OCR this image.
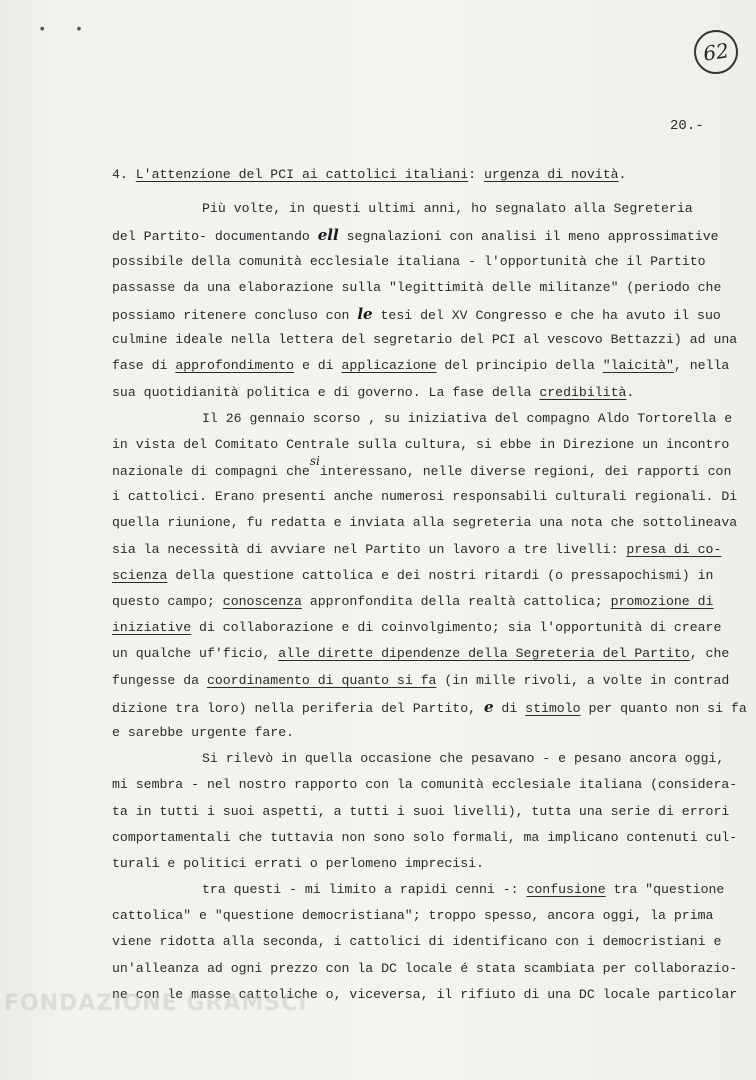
• •
62
20.-
4. L'attenzione del PCI ai cattolici italiani: urgenza di novità.
Più volte, in questi ultimi anni, ho segnalato alla Segreteria
del Partito- documentando ell segnalazioni con analisi il meno approssimative
possibile della comunità ecclesiale italiana - l'opportunità che il Partito
passasse da una elaborazione sulla "legittimità delle militanze" (periodo che
possiamo ritenere concluso con le tesi del XV Congresso e che ha avuto il suo
culmine ideale nella lettera del segretario del PCI al vescovo Bettazzi) ad una
fase di approfondimento e di applicazione del principio della "laicità", nella
sua quotidianità politica e di governo. La fase della credibilità.
Il 26 gennaio scorso , su iniziativa del compagno Aldo Tortorella e
in vista del Comitato Centrale sulla cultura, si ebbe in Direzione un incontro
nazionale di compagni chesiinteressano, nelle diverse regioni, dei rapporti con
i cattolici. Erano presenti anche numerosi responsabili culturali regionali. Di
quella riunione, fu redatta e inviata alla segreteria una nota che sottolineava
sia la necessità di avviare nel Partito un lavoro a tre livelli: presa di co-
scienza della questione cattolica e dei nostri ritardi (o pressapochismi) in
questo campo; conoscenza appronfondita della realtà cattolica; promozione di
iniziative di collaborazione e di coinvolgimento; sia l'opportunità di creare
un qualche uf'ficio, alle dirette dipendenze della Segreteria del Partito, che
fungesse da coordinamento di quanto si fa (in mille rivoli, a volte in contrad
dizione tra loro) nella periferia del Partito, e di stimolo per quanto non si fa
e sarebbe urgente fare.
Si rilevò in quella occasione che pesavano - e pesano ancora oggi,
mi sembra - nel nostro rapporto con la comunità ecclesiale italiana (considera-
ta in tutti i suoi aspetti, a tutti i suoi livelli), tutta una serie di errori
comportamentali che tuttavia non sono solo formali, ma implicano contenuti cul-
turali e politici errati o perlomeno imprecisi.
tra questi - mi limito a rapidi cenni -: confusione tra "questione
cattolica" e "questione democristiana"; troppo spesso, ancora oggi, la prima
viene ridotta alla seconda, i cattolici di identificano con i democristiani e
un'alleanza ad ogni prezzo con la DC locale é stata scambiata per collaborazio-
ne con le masse cattoliche o, viceversa, il rifiuto di una DC locale particolar
FONDAZIONE GRAMSCI
